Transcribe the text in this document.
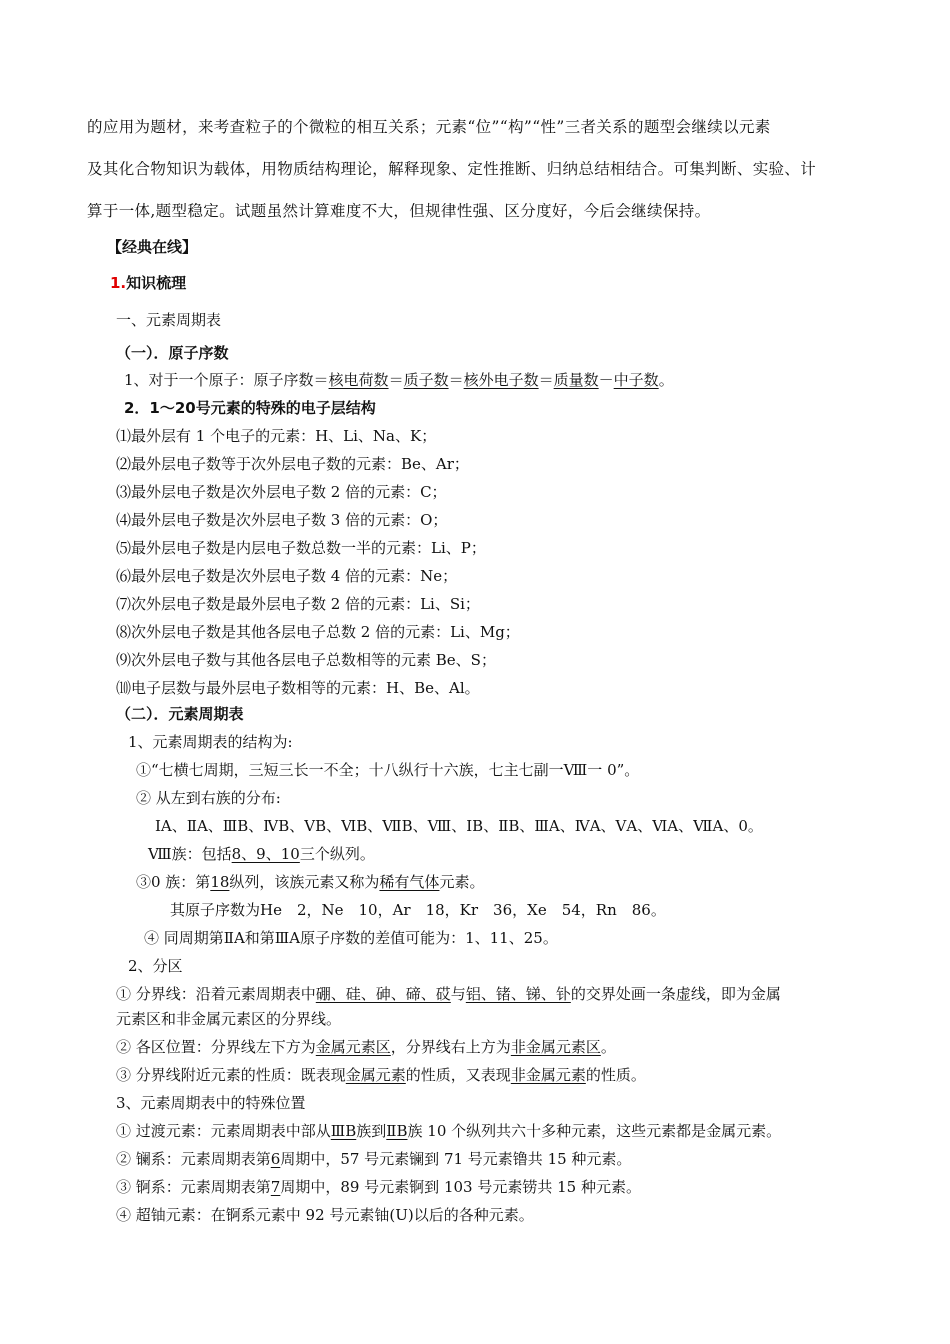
的应用为题材，来考查粒子的个微粒的相互关系；元素“位”“构”“性”三者关系的题型会继续以元素
及其化合物知识为载体，用物质结构理论，解释现象、定性推断、归纳总结相结合。可集判断、实验、计
算于一体,题型稳定。试题虽然计算难度不大，但规律性强、区分度好，今后会继续保持。
【经典在线】
1.知识梳理
一、元素周期表
（一）．原子序数
1、对于一个原子：原子序数＝核电荷数＝质子数＝核外电子数＝质量数－中子数。
2．1～20号元素的特殊的电子层结构
⑴最外层有 1 个电子的元素：H、Li、Na、K；
⑵最外层电子数等于次外层电子数的元素：Be、Ar；
⑶最外层电子数是次外层电子数 2 倍的元素：C；
⑷最外层电子数是次外层电子数 3 倍的元素：O；
⑸最外层电子数是内层电子数总数一半的元素：Li、P；
⑹最外层电子数是次外层电子数 4 倍的元素：Ne；
⑺次外层电子数是最外层电子数 2 倍的元素：Li、Si；
⑻次外层电子数是其他各层电子总数 2 倍的元素：Li、Mg；
⑼次外层电子数与其他各层电子总数相等的元素 Be、S；
⑽电子层数与最外层电子数相等的元素：H、Be、Al。
（二）．元素周期表
1、元素周期表的结构为:
①“七横七周期，三短三长一不全；十八纵行十六族，七主七副一Ⅷ一 0”。
② 从左到右族的分布:
ⅠA、ⅡA、ⅢB、ⅣB、ⅤB、ⅥB、ⅦB、Ⅷ、ⅠB、ⅡB、ⅢA、ⅣA、ⅤA、ⅥA、ⅦA、0。
Ⅷ族：包括8、9、10三个纵列。
③0 族：第18纵列，该族元素又称为稀有气体元素。
其原子序数为He　2，Ne　10，Ar　18，Kr　36，Xe　54，Rn　86。
④ 同周期第ⅡA和第ⅢA原子序数的差值可能为：1、11、25。
2、分区
① 分界线：沿着元素周期表中硼、硅、砷、碲、砹与铝、锗、锑、钋的交界处画一条虚线，即为金属
元素区和非金属元素区的分界线。
② 各区位置：分界线左下方为金属元素区，分界线右上方为非金属元素区。
③ 分界线附近元素的性质：既表现金属元素的性质，又表现非金属元素的性质。
3、元素周期表中的特殊位置
① 过渡元素：元素周期表中部从ⅢB族到ⅡB族 10 个纵列共六十多种元素，这些元素都是金属元素。
② 镧系：元素周期表第6周期中，57 号元素镧到 71 号元素镥共 15 种元素。
③ 锕系：元素周期表第7周期中，89 号元素锕到 103 号元素铹共 15 种元素。
④ 超铀元素：在锕系元素中 92 号元素铀(U)以后的各种元素。
